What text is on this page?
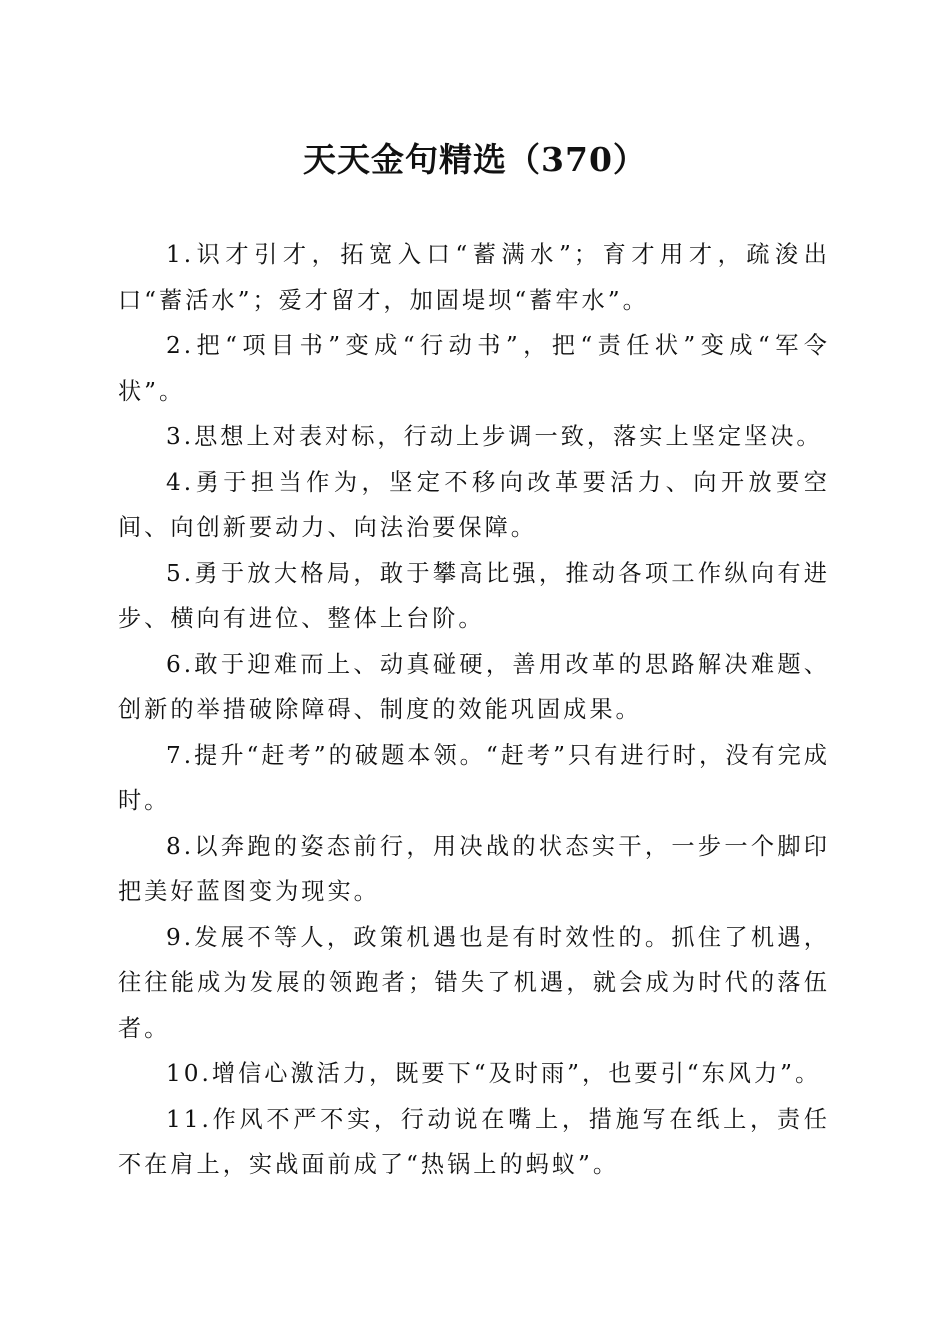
天天金句精选（370）

1.识才引才，拓宽入口“蓄满水”；育才用才，疏浚出口“蓄活水”；爱才留才，加固堤坝“蓄牢水”。

2.把“项目书”变成“行动书”，把“责任状”变成“军令状”。

3.思想上对表对标，行动上步调一致，落实上坚定坚决。

4.勇于担当作为，坚定不移向改革要活力、向开放要空间、向创新要动力、向法治要保障。

5.勇于放大格局，敢于攀高比强，推动各项工作纵向有进步、横向有进位、整体上台阶。

6.敢于迎难而上、动真碰硬，善用改革的思路解决难题、创新的举措破除障碍、制度的效能巩固成果。

7.提升“赶考”的破题本领。“赶考”只有进行时，没有完成时。

8.以奔跑的姿态前行，用决战的状态实干，一步一个脚印把美好蓝图变为现实。

9.发展不等人，政策机遇也是有时效性的。抓住了机遇，往往能成为发展的领跑者；错失了机遇，就会成为时代的落伍者。

10.增信心激活力，既要下“及时雨”，也要引“东风力”。

11.作风不严不实，行动说在嘴上，措施写在纸上，责任不在肩上，实战面前成了“热锅上的蚂蚁”。
